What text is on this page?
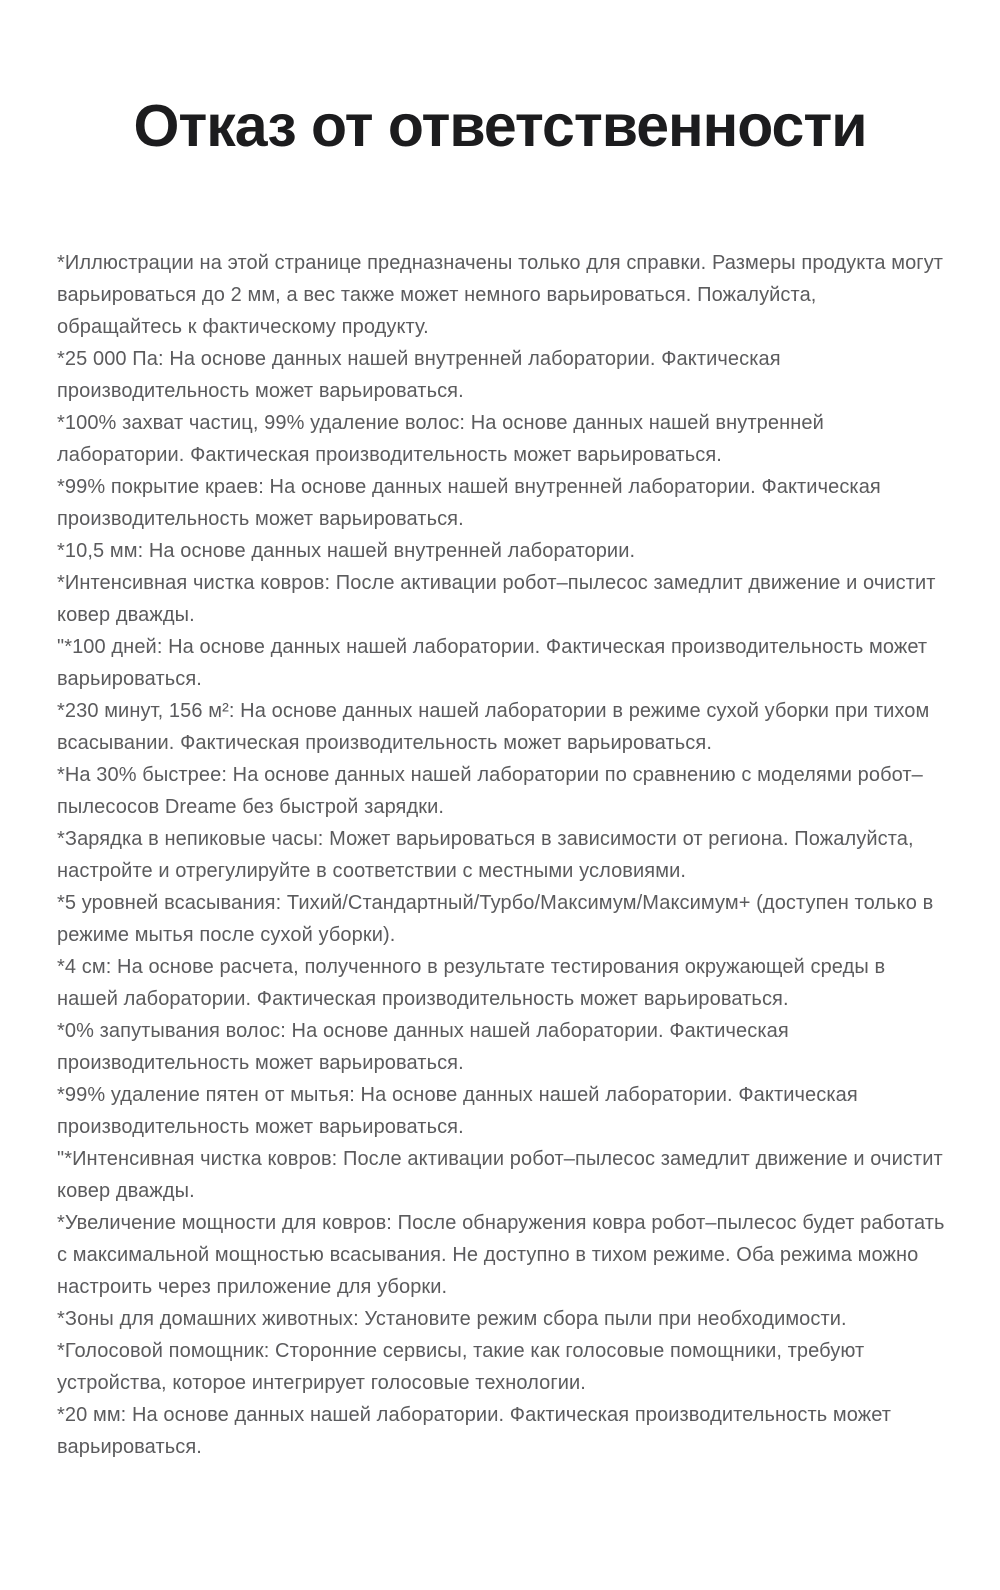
Отказ от ответственности

*Иллюстрации на этой странице предназначены только для справки. Размеры продукта могут варьироваться до 2 мм, а вес также может немного варьироваться. Пожалуйста, обращайтесь к фактическому продукту.

*25 000 Па: На основе данных нашей внутренней лаборатории. Фактическая производительность может варьироваться.

*100% захват частиц, 99% удаление волос: На основе данных нашей внутренней лаборатории. Фактическая производительность может варьироваться.

*99% покрытие краев: На основе данных нашей внутренней лаборатории. Фактическая производительность может варьироваться.

*10,5 мм: На основе данных нашей внутренней лаборатории.

*Интенсивная чистка ковров: После активации робот–пылесос замедлит движение и очистит ковер дважды.

"*100 дней: На основе данных нашей лаборатории. Фактическая производительность может варьироваться.

*230 минут, 156 м²: На основе данных нашей лаборатории в режиме сухой уборки при тихом всасывании. Фактическая производительность может варьироваться.

*На 30% быстрее: На основе данных нашей лаборатории по сравнению с моделями робот–пылесосов Dreame без быстрой зарядки.

*Зарядка в непиковые часы: Может варьироваться в зависимости от региона. Пожалуйста, настройте и отрегулируйте в соответствии с местными условиями.

*5 уровней всасывания: Тихий/Стандартный/Турбо/Максимум/Максимум+ (доступен только в режиме мытья после сухой уборки).

*4 см: На основе расчета, полученного в результате тестирования окружающей среды в нашей лаборатории. Фактическая производительность может варьироваться.

*0% запутывания волос: На основе данных нашей лаборатории. Фактическая производительность может варьироваться.

*99% удаление пятен от мытья: На основе данных нашей лаборатории. Фактическая производительность может варьироваться.

"*Интенсивная чистка ковров: После активации робот–пылесос замедлит движение и очистит ковер дважды.

*Увеличение мощности для ковров: После обнаружения ковра робот–пылесос будет работать с максимальной мощностью всасывания. Не доступно в тихом режиме. Оба режима можно настроить через приложение для уборки.

*Зоны для домашних животных: Установите режим сбора пыли при необходимости.

*Голосовой помощник: Сторонние сервисы, такие как голосовые помощники, требуют устройства, которое интегрирует голосовые технологии.

*20 мм: На основе данных нашей лаборатории. Фактическая производительность может варьироваться.
